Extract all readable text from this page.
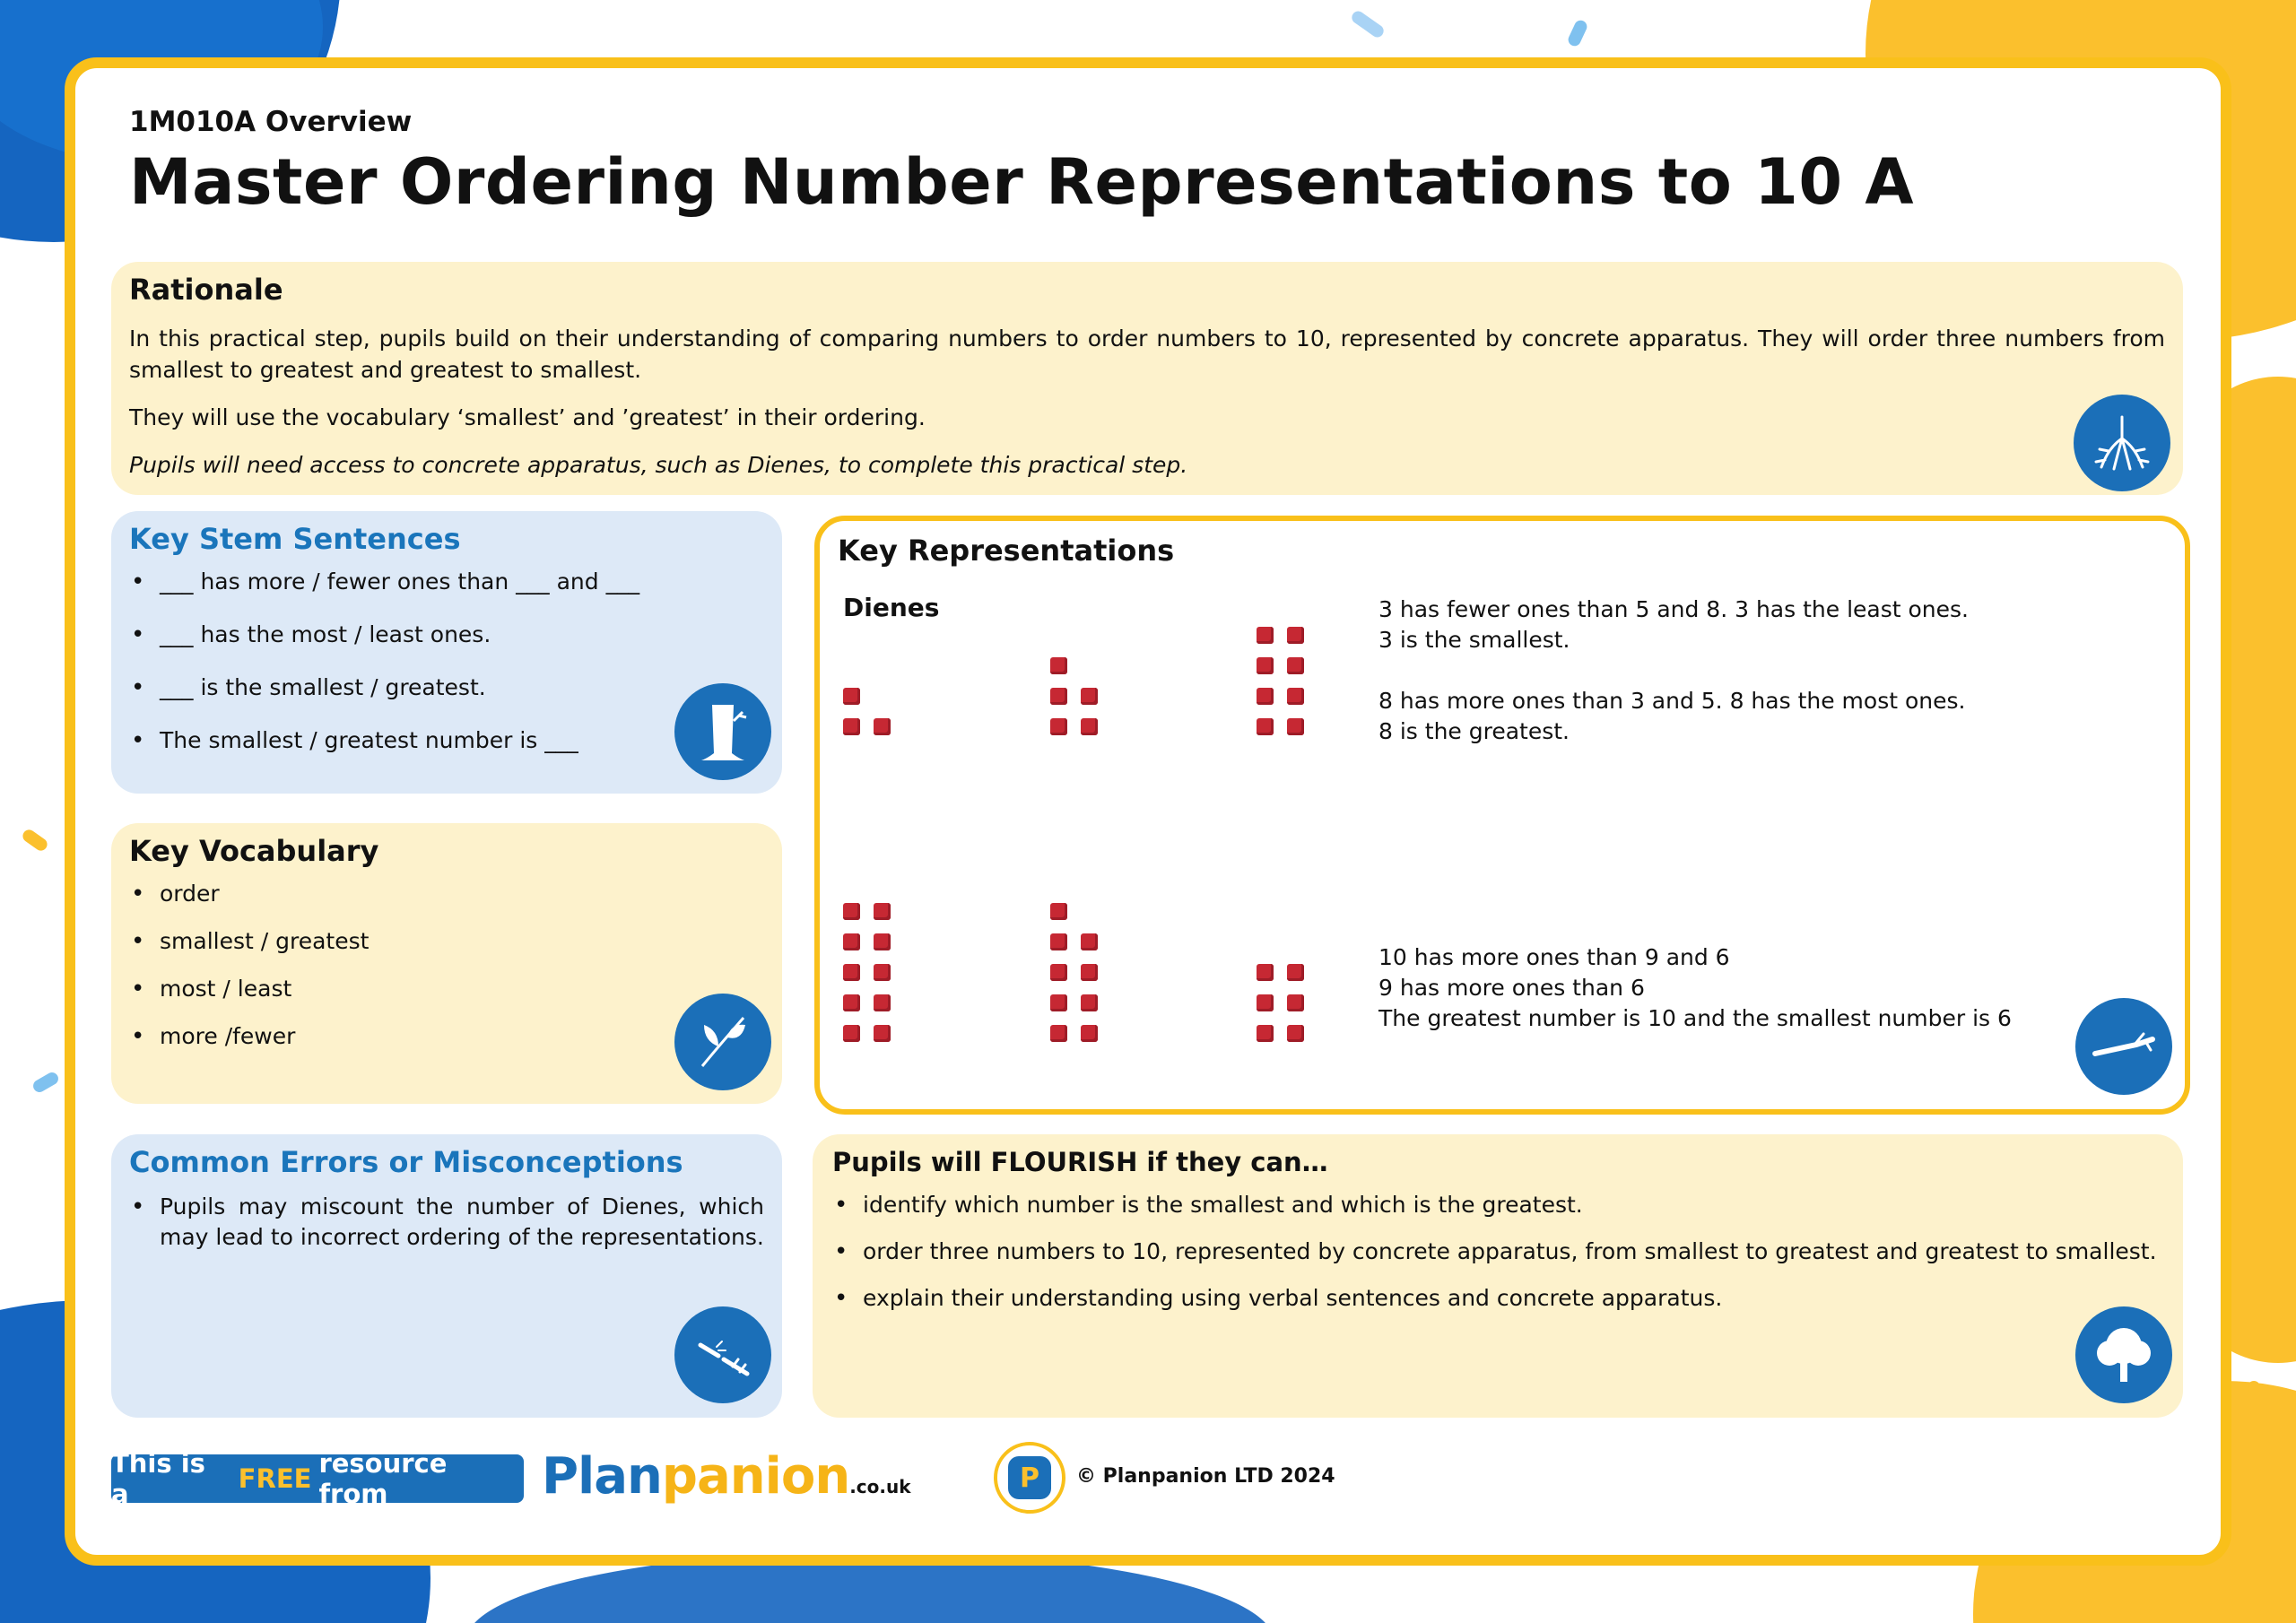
1M010A Overview
Master Ordering Number Representations to 10 A
Rationale

In this practical step, pupils build on their understanding of comparing numbers to order numbers to 10, represented by concrete apparatus. They will order three numbers from smallest to greatest and greatest to smallest.

They will use the vocabulary ‘smallest’ and ’greatest’ in their ordering.

Pupils will need access to concrete apparatus, such as Dienes, to complete this practical step.

Key Stem Sentences
• ___ has more / fewer ones than ___ and ___
• ___ has the most / least ones.
• ___ is the smallest / greatest.
• The smallest / greatest number is ___
Key Vocabulary
• order
• smallest / greatest
• most / least
• more /fewer
Common Errors or Misconceptions
• Pupils may miscount the number of Dienes, which may lead to incorrect ordering of the representations.
Key Representations
Dienes	3 has fewer ones than 5 and 8. 3 has the least ones.
3 is the smallest.
8 has more ones than 3 and 5. 8 has the most ones.
8 is the greatest.
10 has more ones than 9 and 6
9 has more ones than 6
The greatest number is 10 and the smallest number is 6
Pupils will FLOURISH if they can…
• identify which number is the smallest and which is the greatest.
• order three numbers to 10, represented by concrete apparatus, from smallest to greatest and greatest to smallest.
• explain their understanding using verbal sentences and concrete apparatus.
This is a	FREE resource from	Planpanion.co.uk	P	© Planpanion LTD 2024
